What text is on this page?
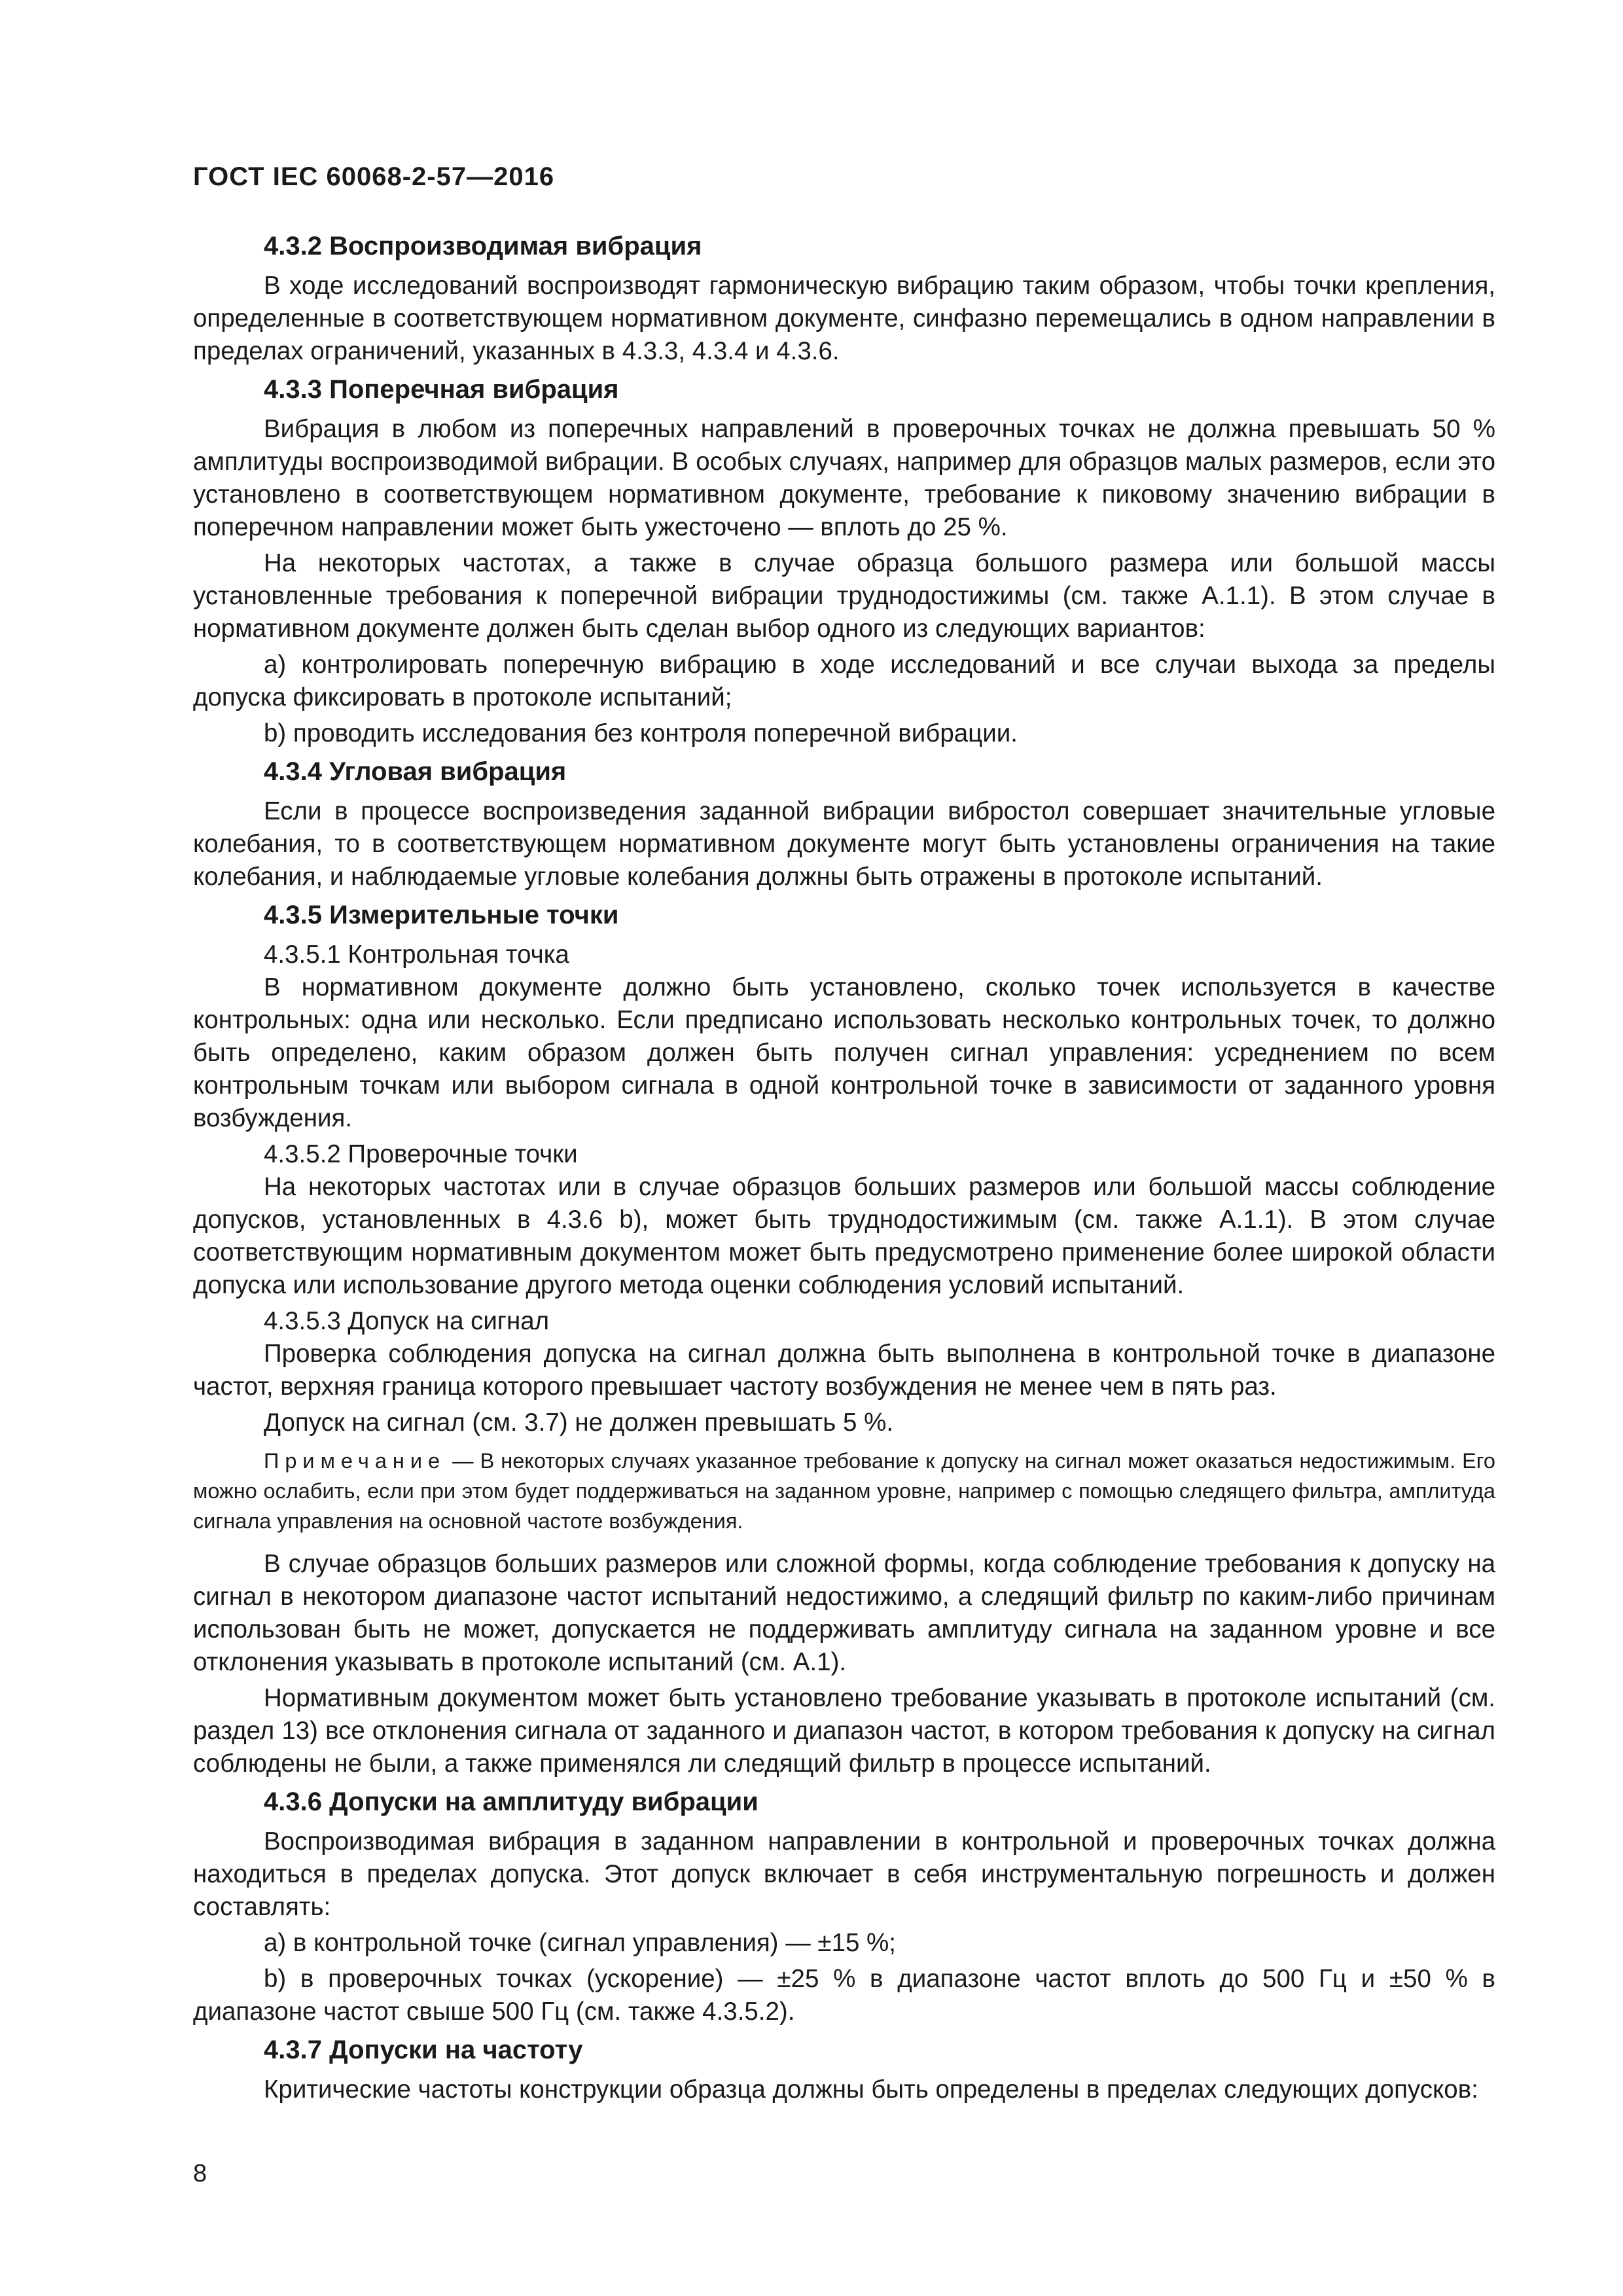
ГОСТ IEC 60068-2-57—2016
4.3.2 Воспроизводимая вибрация

В ходе исследований воспроизводят гармоническую вибрацию таким образом, чтобы точки крепления, определенные в соответствующем нормативном документе, синфазно перемещались в одном направлении в пределах ограничений, указанных в 4.3.3, 4.3.4 и 4.3.6.

4.3.3 Поперечная вибрация

Вибрация в любом из поперечных направлений в проверочных точках не должна превышать 50 % амплитуды воспроизводимой вибрации. В особых случаях, например для образцов малых размеров, если это установлено в соответствующем нормативном документе, требование к пиковому значению вибрации в поперечном направлении может быть ужесточено — вплоть до 25 %.

На некоторых частотах, а также в случае образца большого размера или большой массы установленные требования к поперечной вибрации труднодостижимы (см. также А.1.1). В этом случае в нормативном документе должен быть сделан выбор одного из следующих вариантов:

a) контролировать поперечную вибрацию в ходе исследований и все случаи выхода за пределы допуска фиксировать в протоколе испытаний;

b) проводить исследования без контроля поперечной вибрации.

4.3.4 Угловая вибрация

Если в процессе воспроизведения заданной вибрации вибростол совершает значительные угловые колебания, то в соответствующем нормативном документе могут быть установлены ограничения на такие колебания, и наблюдаемые угловые колебания должны быть отражены в протоколе испытаний.

4.3.5 Измерительные точки
4.3.5.1 Контрольная точка

В нормативном документе должно быть установлено, сколько точек используется в качестве контрольных: одна или несколько. Если предписано использовать несколько контрольных точек, то должно быть определено, каким образом должен быть получен сигнал управления: усреднением по всем контрольным точкам или выбором сигнала в одной контрольной точке в зависимости от заданного уровня возбуждения.

4.3.5.2 Проверочные точки

На некоторых частотах или в случае образцов больших размеров или большой массы соблюдение допусков, установленных в 4.3.6 b), может быть труднодостижимым (см. также А.1.1). В этом случае соответствующим нормативным документом может быть предусмотрено применение более широкой области допуска или использование другого метода оценки соблюдения условий испытаний.

4.3.5.3 Допуск на сигнал

Проверка соблюдения допуска на сигнал должна быть выполнена в контрольной точке в диапазоне частот, верхняя граница которого превышает частоту возбуждения не менее чем в пять раз.

Допуск на сигнал (см. 3.7) не должен превышать 5 %.

Примечание — В некоторых случаях указанное требование к допуску на сигнал может оказаться недостижимым. Его можно ослабить, если при этом будет поддерживаться на заданном уровне, например с помощью следящего фильтра, амплитуда сигнала управления на основной частоте возбуждения.

В случае образцов больших размеров или сложной формы, когда соблюдение требования к допуску на сигнал в некотором диапазоне частот испытаний недостижимо, а следящий фильтр по каким-либо причинам использован быть не может, допускается не поддерживать амплитуду сигнала на заданном уровне и все отклонения указывать в протоколе испытаний (см. А.1).

Нормативным документом может быть установлено требование указывать в протоколе испытаний (см. раздел 13) все отклонения сигнала от заданного и диапазон частот, в котором требования к допуску на сигнал соблюдены не были, а также применялся ли следящий фильтр в процессе испытаний.

4.3.6 Допуски на амплитуду вибрации

Воспроизводимая вибрация в заданном направлении в контрольной и проверочных точках должна находиться в пределах допуска. Этот допуск включает в себя инструментальную погрешность и должен составлять:

a) в контрольной точке (сигнал управления) — ±15 %;

b) в проверочных точках (ускорение) — ±25 % в диапазоне частот вплоть до 500 Гц и ±50 % в диапазоне частот свыше 500 Гц (см. также 4.3.5.2).

4.3.7 Допуски на частоту

Критические частоты конструкции образца должны быть определены в пределах следующих допусков:

8
